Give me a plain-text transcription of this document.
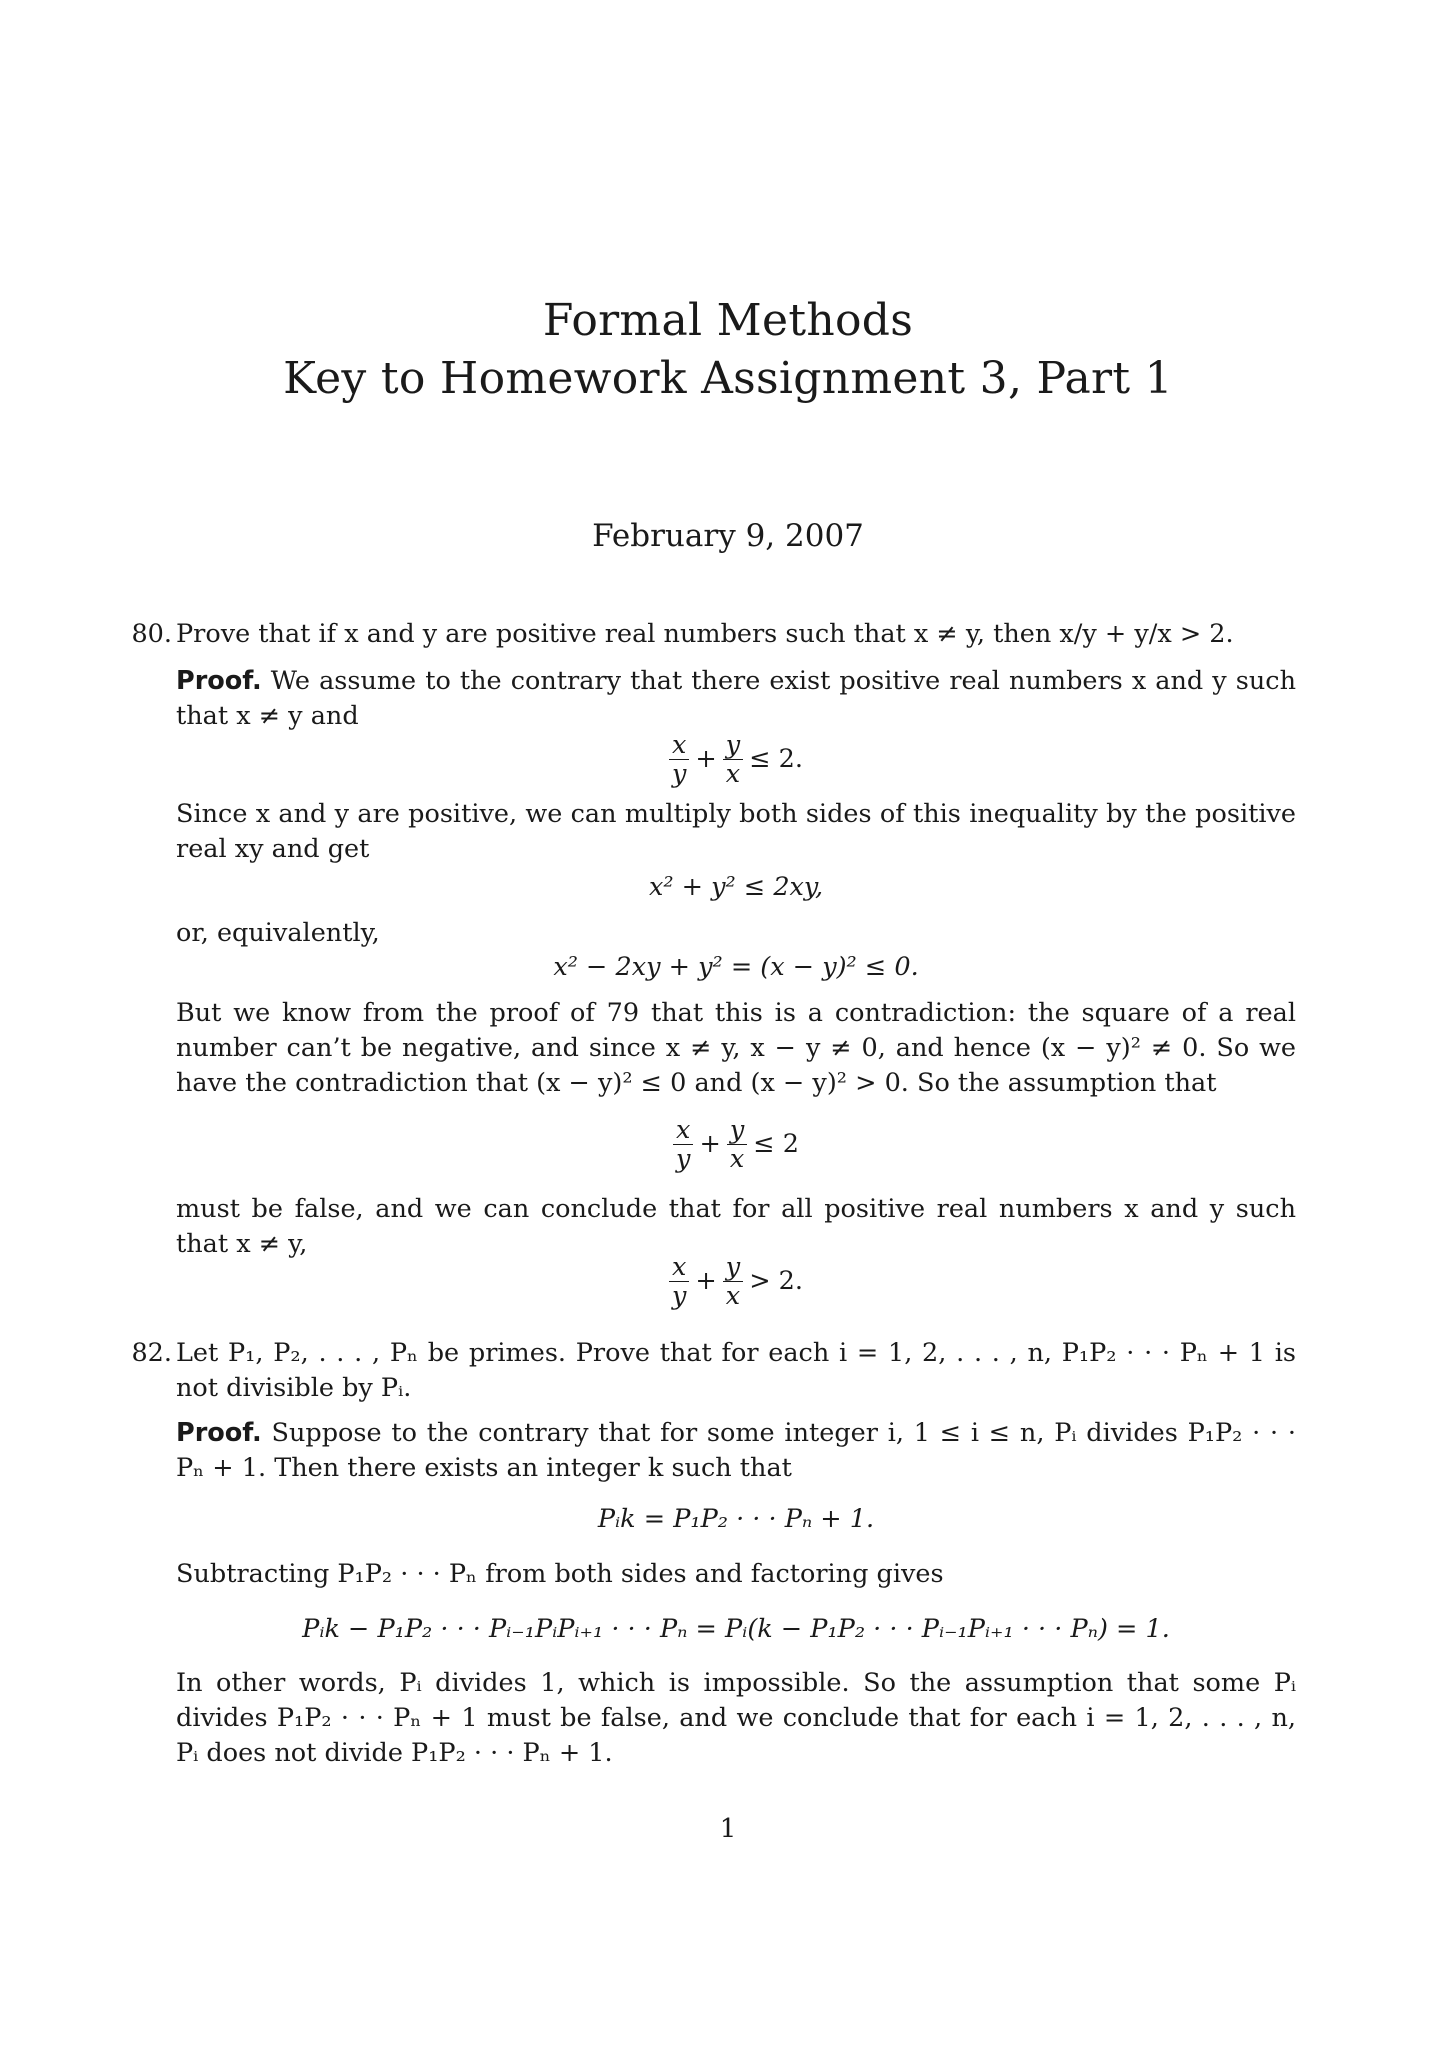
Formal Methods
Key to Homework Assignment 3, Part 1
February 9, 2007
80. Prove that if x and y are positive real numbers such that x ≠ y, then x/y + y/x > 2.

Proof. We assume to the contrary that there exist positive real numbers x and y such that x ≠ y and

$\frac{x}{y} + \frac{y}{x} \le 2$.

Since x and y are positive, we can multiply both sides of this inequality by the positive real xy and get

x² + y² ≤ 2xy,

or, equivalently,

x² − 2xy + y² = (x − y)² ≤ 0.

But we know from the proof of 79 that this is a contradiction: the square of a real number can’t be negative, and since x ≠ y, x − y ≠ 0, and hence (x − y)² ≠ 0. So we have the contradiction that (x − y)² ≤ 0 and (x − y)² > 0. So the assumption that

$\frac{x}{y} + \frac{y}{x} \le 2$

must be false, and we can conclude that for all positive real numbers x and y such that x ≠ y,

$\frac{x}{y} + \frac{y}{x} > 2$.
82. Let P₁, P₂, . . . , Pₙ be primes. Prove that for each i = 1, 2, . . . , n, P₁P₂ · · · Pₙ + 1 is not divisible by Pᵢ.

Proof. Suppose to the contrary that for some integer i, 1 ≤ i ≤ n, Pᵢ divides P₁P₂ · · · Pₙ + 1. Then there exists an integer k such that

Pᵢk = P₁P₂ · · · Pₙ + 1.

Subtracting P₁P₂ · · · Pₙ from both sides and factoring gives

Pᵢk − P₁P₂ · · · Pᵢ₋₁PᵢPᵢ₊₁ · · · Pₙ = Pᵢ(k − P₁P₂ · · · Pᵢ₋₁Pᵢ₊₁ · · · Pₙ) = 1.

In other words, Pᵢ divides 1, which is impossible. So the assumption that some Pᵢ divides P₁P₂ · · · Pₙ + 1 must be false, and we conclude that for each i = 1, 2, . . . , n, Pᵢ does not divide P₁P₂ · · · Pₙ + 1.

1
